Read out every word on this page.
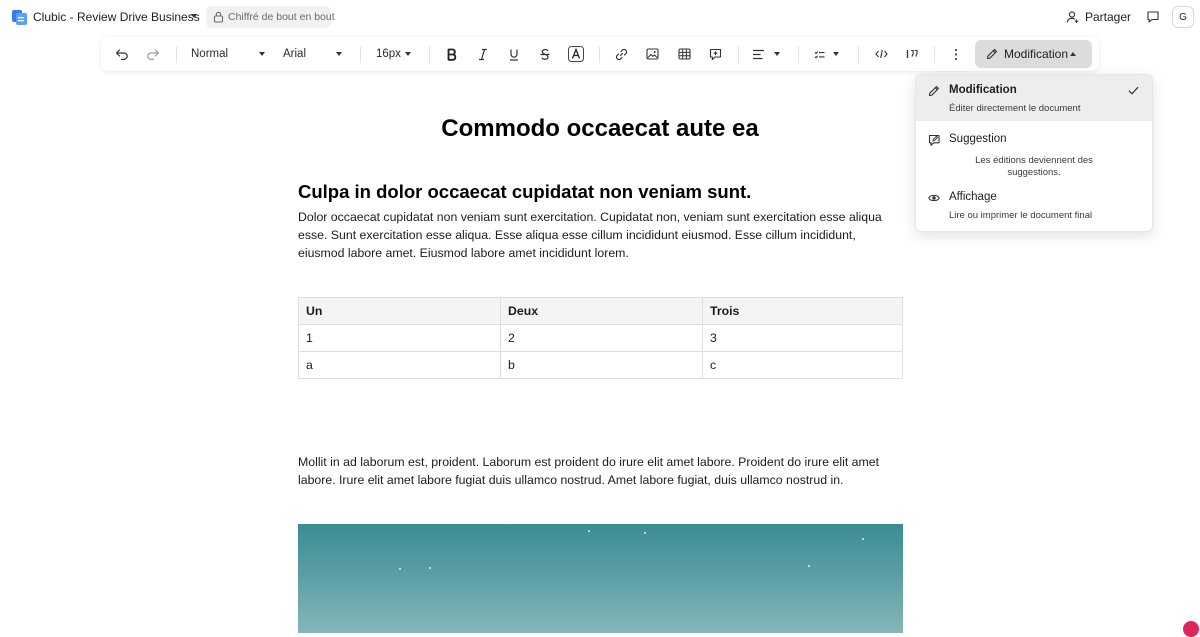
Clubic - Review Drive Business	Chiffré de bout en bout	Partager	G
Normal	Arial	16px	Modification
Commodo occaecat aute ea
Culpa in dolor occaecat cupidatat non veniam sunt.
Dolor occaecat cupidatat non veniam sunt exercitation. Cupidatat non, veniam sunt exercitation esse aliqua esse. Sunt exercitation esse aliqua. Esse aliqua esse cillum incididunt eiusmod. Esse cillum incididunt, eiusmod labore amet. Eiusmod labore amet incididunt lorem.
Un	Deux	Trois
1	2	3
a	b	c
Mollit in ad laborum est, proident. Laborum est proident do irure elit amet labore. Proident do irure elit amet labore. Irure elit amet labore fugiat duis ullamco nostrud. Amet labore fugiat, duis ullamco nostrud in.
Modification
Éditer directement le document
Suggestion
Les éditions deviennent des
suggestions.
Affichage
Lire ou imprimer le document final
